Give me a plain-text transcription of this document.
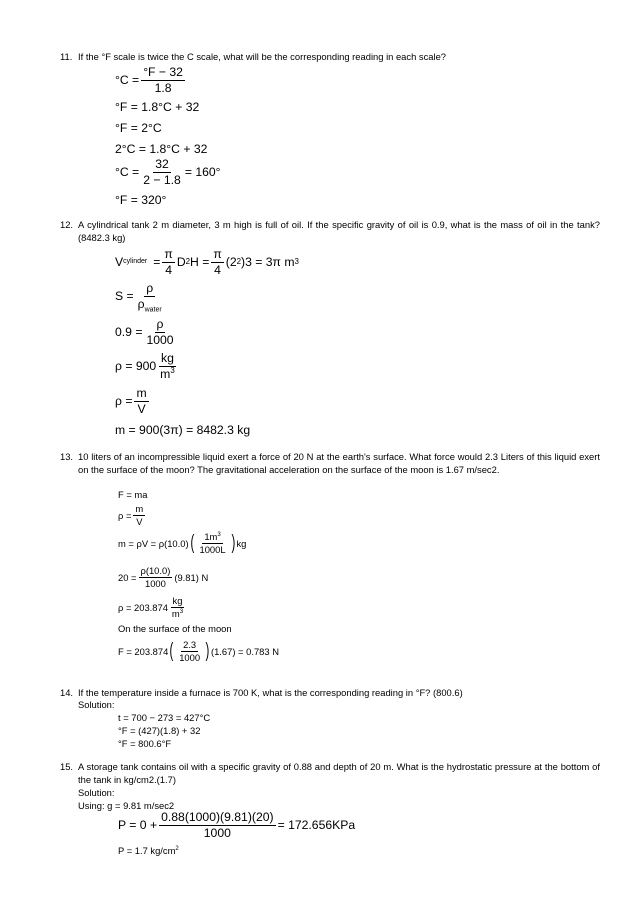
11. If the °F scale is twice the C scale, what will be the corresponding reading in each scale?
$^\circ C = \frac{^\circ F - 32}{1.8}$
°F = 1.8°C + 32
°F = 2°C
2°C = 1.8°C + 32
$^\circ C = \frac{32}{2 - 1.8} = 160^\circ$
°F = 320°
12. A cylindrical tank 2 m diameter, 3 m high is full of oil. If the specific gravity of oil is 0.9, what is the mass of oil in the tank? (8482.3 kg)
V cylinder = $\frac{\pi}{4}$ D 2 $H = \frac{\pi}{4} (2$ 2 )3 = 3π m 3
$S = \frac{\rho}{\rho_{water}}$
$0.9 = \frac{\rho}{1000}$
$\rho = 900 \frac{kg}{m^3}$
$\rho = \frac{m}{V}$
m = 900(3π) = 8482.3 kg
13. 10 liters of an incompressible liquid exert a force of 20 N at the earth's surface. What force would 2.3 Liters of this liquid exert on the surface of the moon? The gravitational acceleration on the surface of the moon is 1.67 m/sec2.
F = ma
$\rho = \frac{m}{V}$
m = ρV = ρ(10.0) ( $\frac{1m^3}{1000L}$ ) kg
$20 = \frac{\rho(10.0)}{1000} (9.81)$ N
$\rho = 203.874 \frac{kg}{m^3}$
On the surface of the moon
F = 203.874 ( $\frac{2.3}{1000}$ ) (1.67) = 0.783 N
14. If the temperature inside a furnace is 700 K, what is the corresponding reading in °F? (800.6)
Solution:
t = 700 − 273 = 427°C
°F = (427)(1.8) + 32
°F = 800.6°F
15. A storage tank contains oil with a specific gravity of 0.88 and depth of 20 m. What is the hydrostatic pressure at the bottom of the tank in kg/cm2.(1.7)
Solution:
Using: g = 9.81 m/sec2
$P = 0 + \frac{0.88(1000)(9.81)(20)}{1000} = 172.656KPa$
P = 1.7 $kg/cm^2$
